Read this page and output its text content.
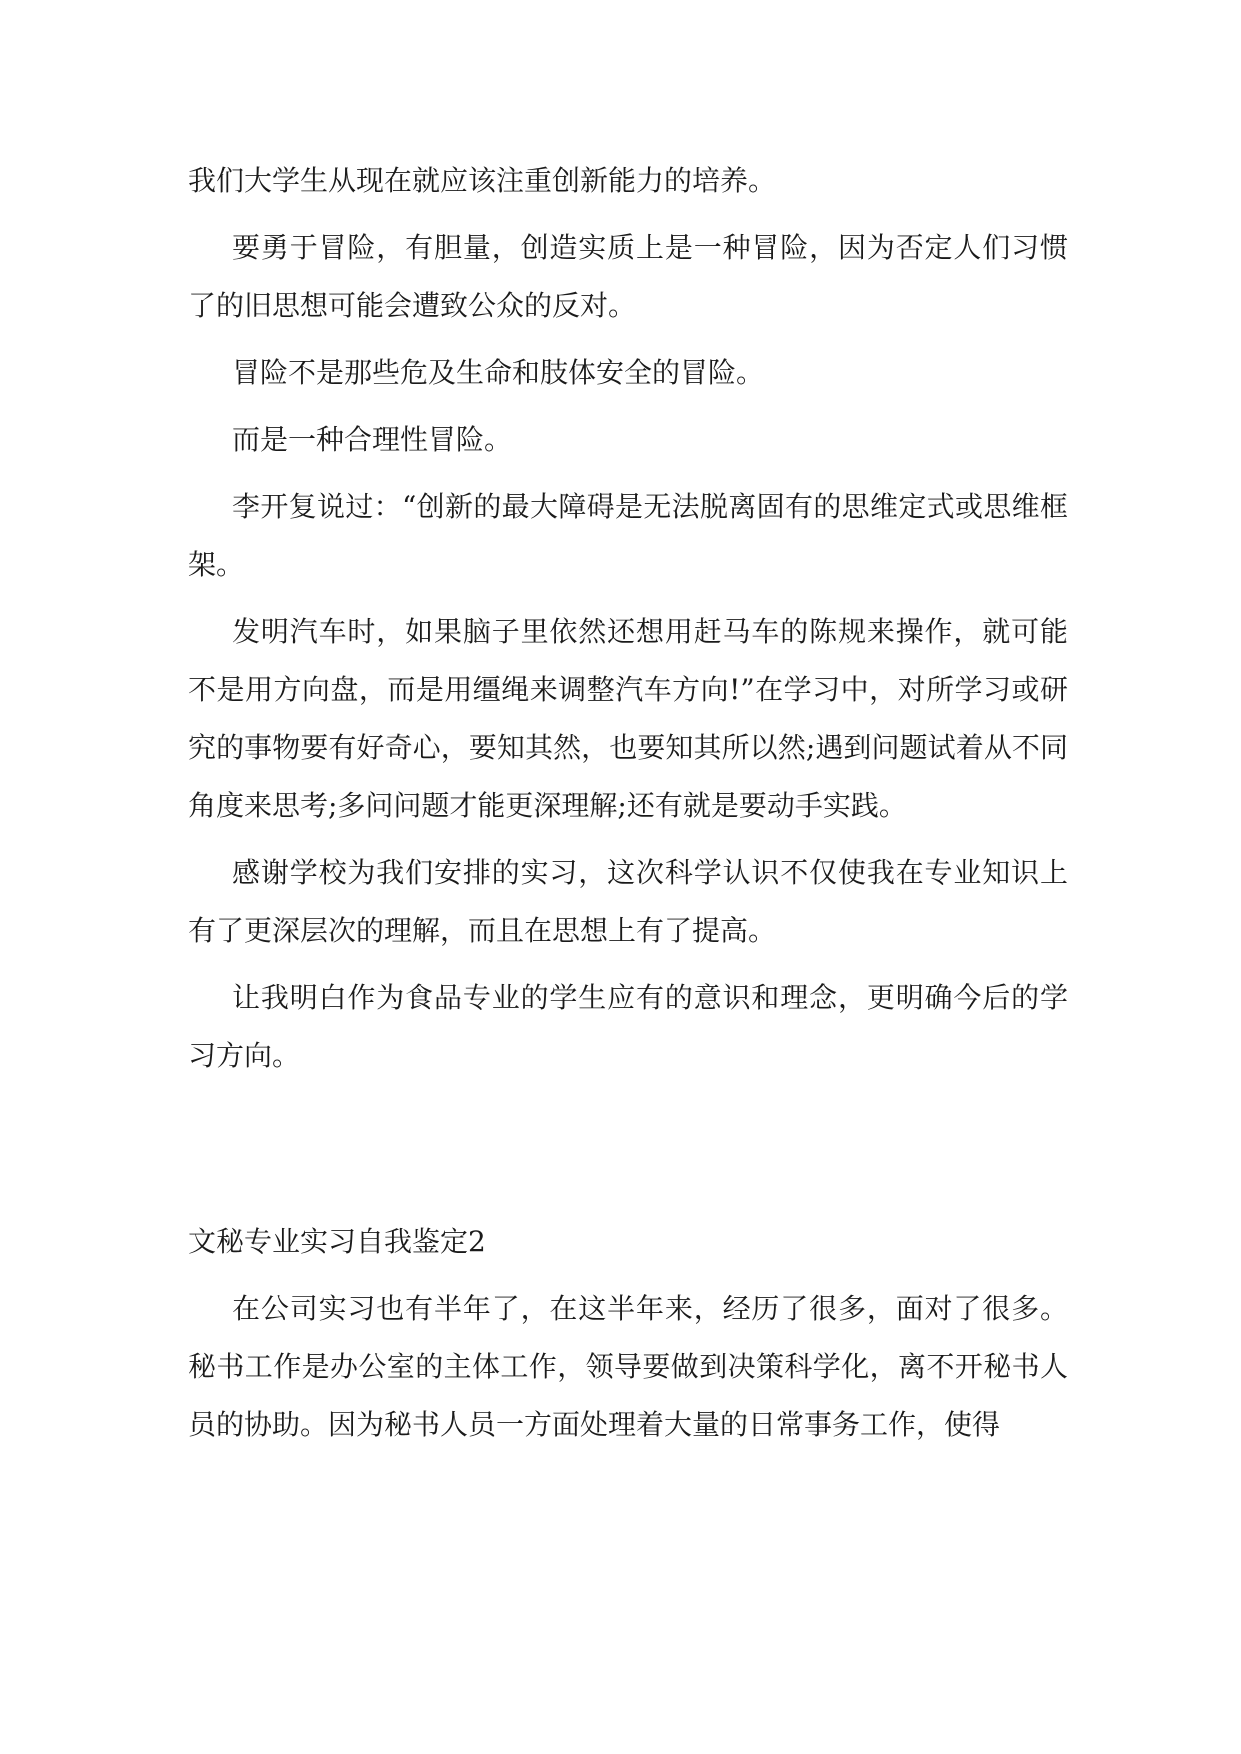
我们大学生从现在就应该注重创新能力的培养。

要勇于冒险，有胆量，创造实质上是一种冒险，因为否定人们习惯了的旧思想可能会遭致公众的反对。

冒险不是那些危及生命和肢体安全的冒险。

而是一种合理性冒险。

李开复说过：“创新的最大障碍是无法脱离固有的思维定式或思维框架。

发明汽车时，如果脑子里依然还想用赶马车的陈规来操作，就可能不是用方向盘，而是用缰绳来调整汽车方向!”在学习中，对所学习或研究的事物要有好奇心，要知其然，也要知其所以然;遇到问题试着从不同角度来思考;多问问题才能更深理解;还有就是要动手实践。

感谢学校为我们安排的实习，这次科学认识不仅使我在专业知识上有了更深层次的理解，而且在思想上有了提高。

让我明白作为食品专业的学生应有的意识和理念，更明确今后的学习方向。

文秘专业实习自我鉴定2

在公司实习也有半年了，在这半年来，经历了很多，面对了很多。秘书工作是办公室的主体工作，领导要做到决策科学化，离不开秘书人员的协助。因为秘书人员一方面处理着大量的日常事务工作，使得
